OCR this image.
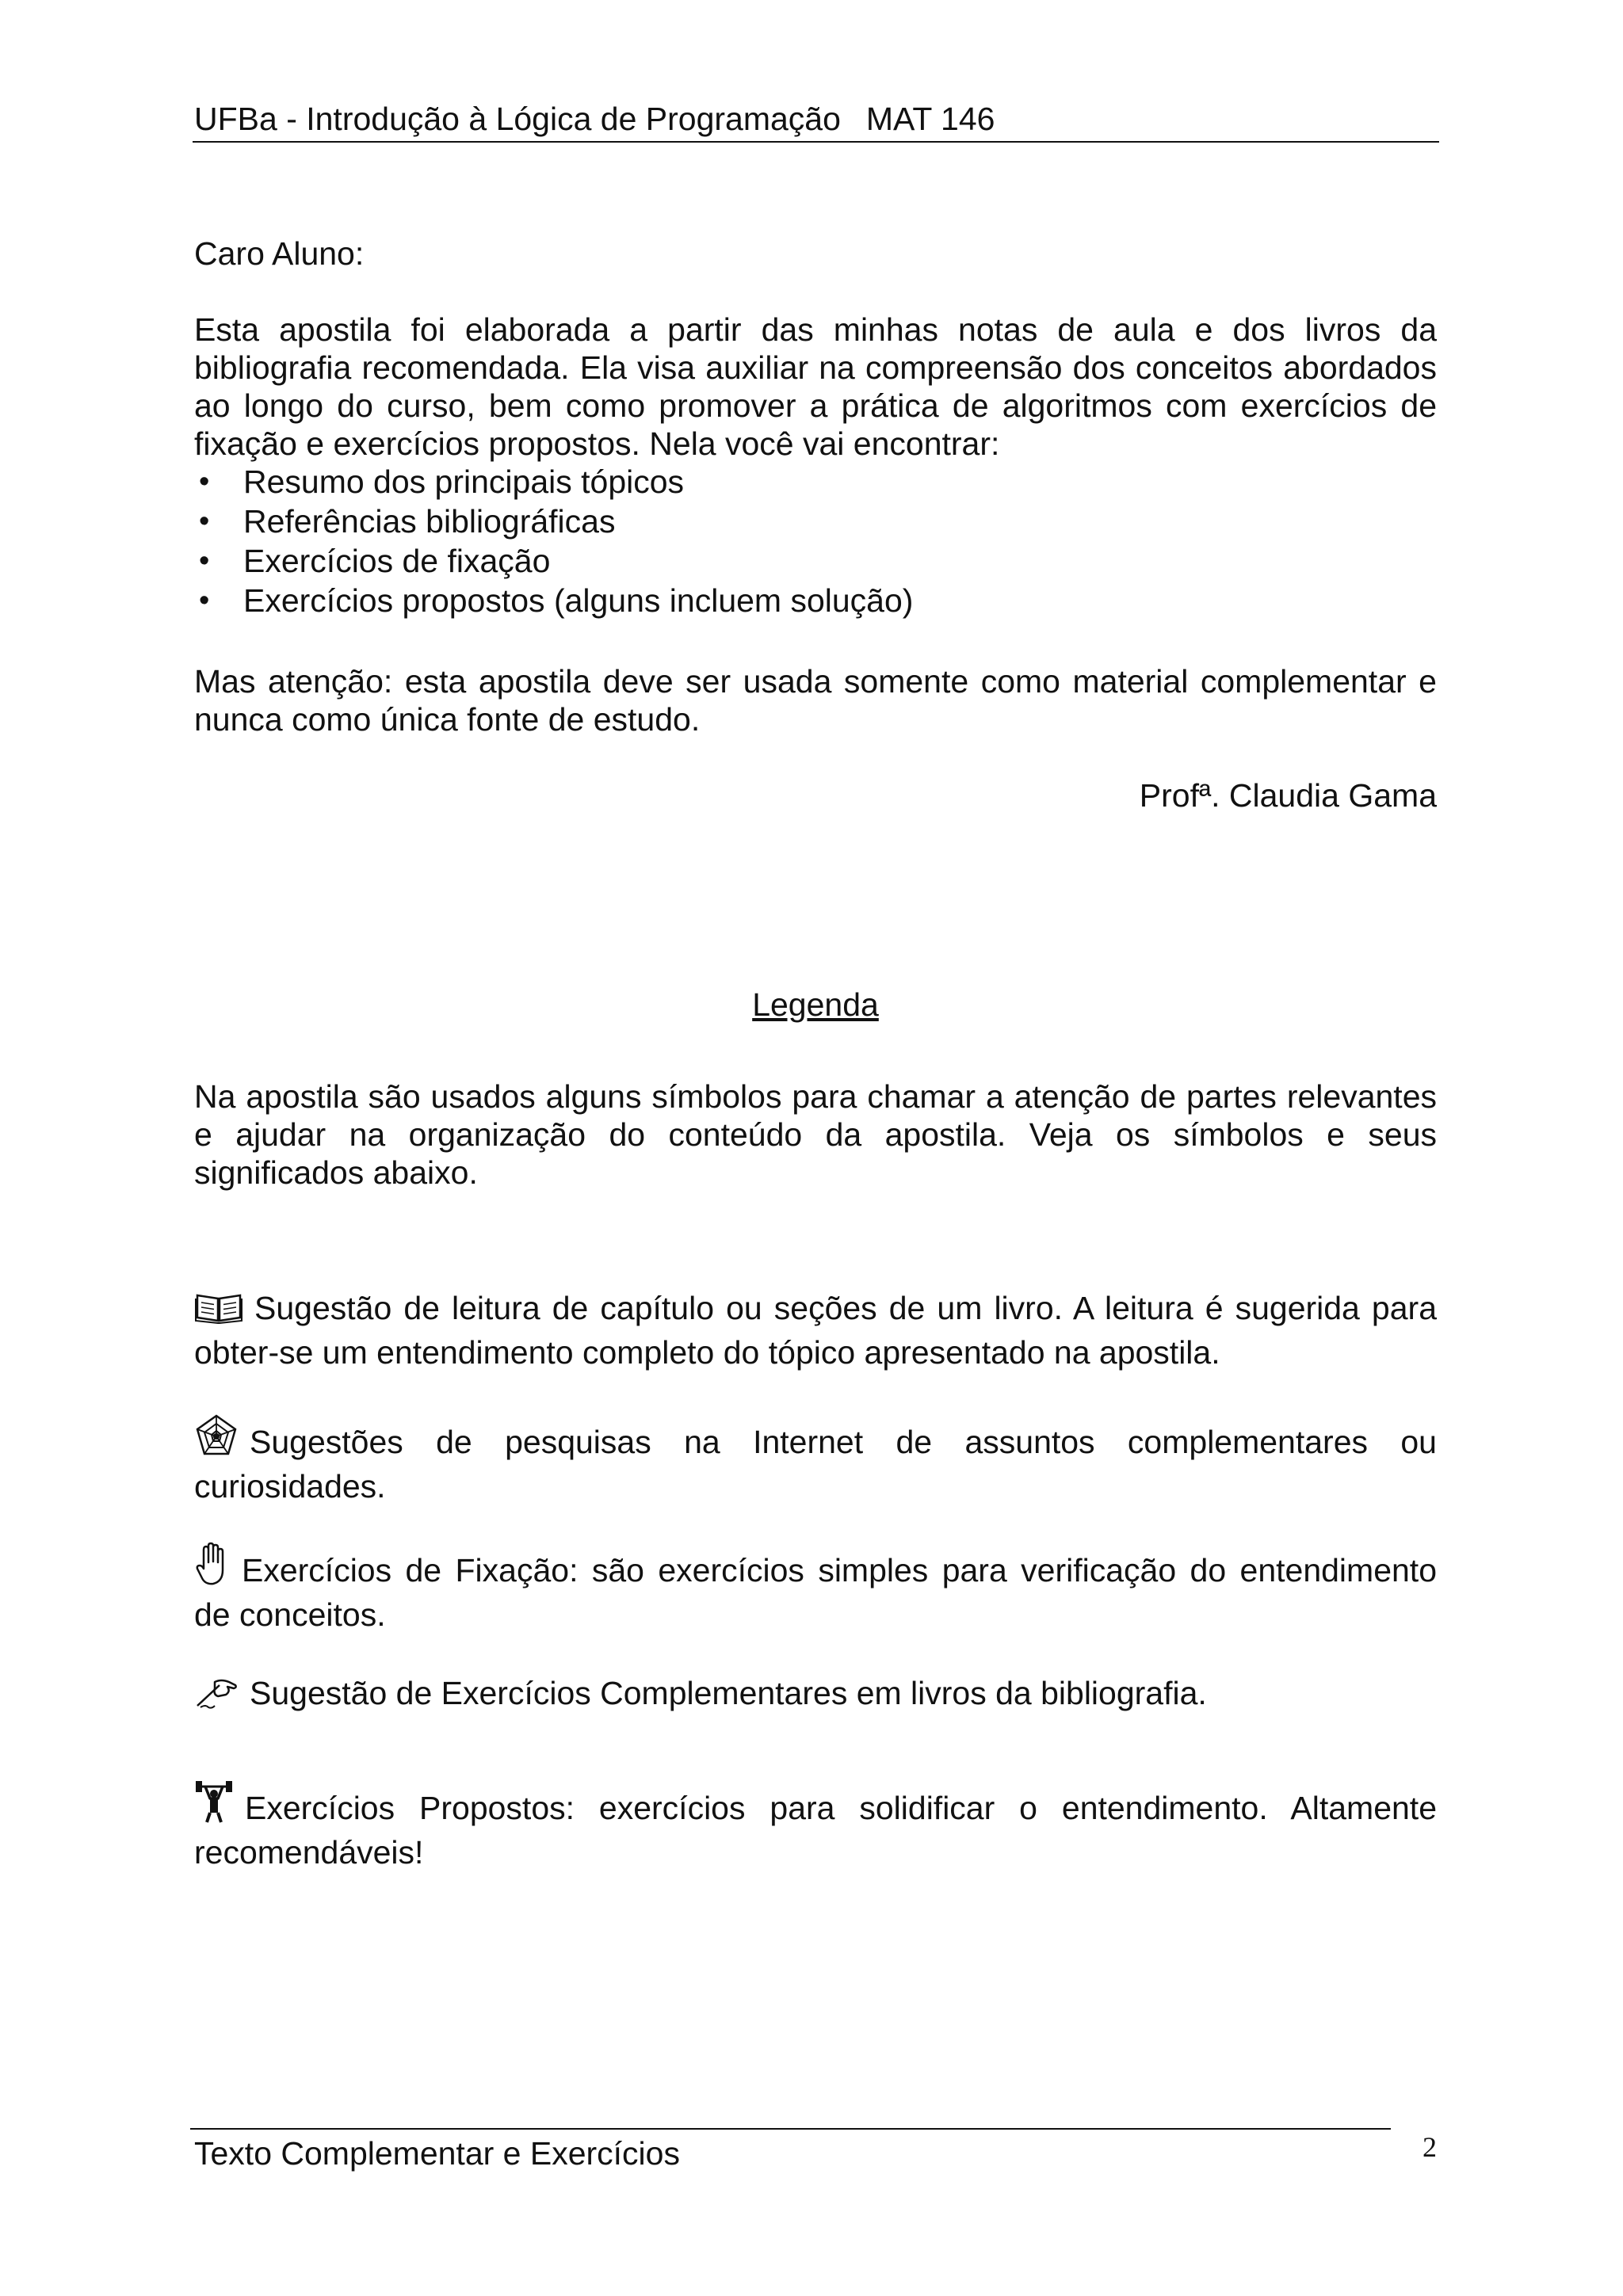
UFBa - Introdução à Lógica de Programação MAT 146

Caro Aluno:

Esta apostila foi elaborada a partir das minhas notas de aula e dos livros da bibliografia recomendada. Ela visa auxiliar na compreensão dos conceitos abordados ao longo do curso, bem como promover a prática de algoritmos com exercícios de fixação e exercícios propostos. Nela você vai encontrar:

• Resumo dos principais tópicos
• Referências bibliográficas
• Exercícios de fixação
• Exercícios propostos (alguns incluem solução)

Mas atenção: esta apostila deve ser usada somente como material complementar e nunca como única fonte de estudo.

Profª. Claudia Gama

Legenda

Na apostila são usados alguns símbolos para chamar a atenção de partes relevantes e ajudar na organização do conteúdo da apostila. Veja os símbolos e seus significados abaixo.

Sugestão de leitura de capítulo ou seções de um livro. A leitura é sugerida para obter-se um entendimento completo do tópico apresentado na apostila.

Sugestões de pesquisas na Internet de assuntos complementares ou curiosidades.

Exercícios de Fixação: são exercícios simples para verificação do entendimento de conceitos.

Sugestão de Exercícios Complementares em livros da bibliografia.

Exercícios Propostos: exercícios para solidificar o entendimento. Altamente recomendáveis!

Texto Complementar e Exercícios	2
